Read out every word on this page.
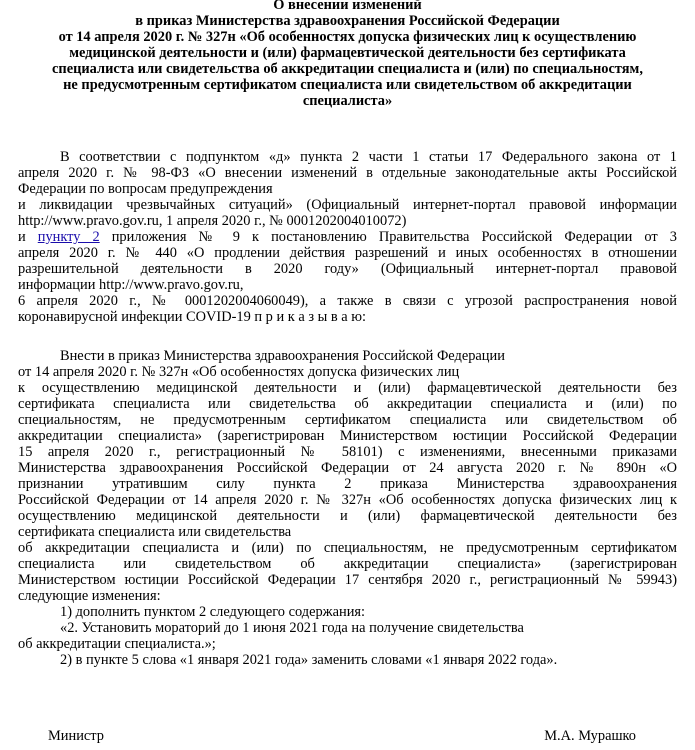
О внесении изменений
в приказ Министерства здравоохранения Российской Федерации
от 14 апреля 2020 г. № 327н «Об особенностях допуска физических лиц к осуществлению
медицинской деятельности и (или) фармацевтической деятельности без сертификата
специалиста или свидетельства об аккредитации специалиста и (или) по специальностям,
не предусмотренным сертификатом специалиста или свидетельством об аккредитации
специалиста»
В соответствии с подпунктом «д» пункта 2 части 1 статьи 17 Федерального закона от 1
апреля 2020 г. № 98-ФЗ «О внесении изменений в отдельные законодательные акты Российской
Федерации по вопросам предупреждения
и ликвидации чрезвычайных ситуаций» (Официальный интернет-портал правовой информации
http://www.pravo.gov.ru, 1 апреля 2020 г., № 0001202004010072)
и пункту 2 приложения № 9 к постановлению Правительства Российской Федерации от 3
апреля 2020 г. № 440 «О продлении действия разрешений и иных особенностях в отношении
разрешительной деятельности в 2020 году» (Официальный интернет-портал правовой
информации http://www.pravo.gov.ru,
6 апреля 2020 г., № 0001202004060049), а также в связи с угрозой распространения новой
коронавирусной инфекции COVID-19 п р и к а з ы в а ю:
Внести в приказ Министерства здравоохранения Российской Федерации
от 14 апреля 2020 г. № 327н «Об особенностях допуска физических лиц
к осуществлению медицинской деятельности и (или) фармацевтической деятельности без
сертификата специалиста или свидетельства об аккредитации специалиста и (или) по
специальностям, не предусмотренным сертификатом специалиста или свидетельством об
аккредитации специалиста» (зарегистрирован Министерством юстиции Российской Федерации
15 апреля 2020 г., регистрационный № 58101) с изменениями, внесенными приказами
Министерства здравоохранения Российской Федерации от 24 августа 2020 г. № 890н «О
признании утратившим силу пункта 2 приказа Министерства здравоохранения
Российской Федерации от 14 апреля 2020 г. № 327н «Об особенностях допуска физических лиц к
осуществлению медицинской деятельности и (или) фармацевтической деятельности без
сертификата специалиста или свидетельства
об аккредитации специалиста и (или) по специальностям, не предусмотренным сертификатом
специалиста или свидетельством об аккредитации специалиста» (зарегистрирован
Министерством юстиции Российской Федерации 17 сентября 2020 г., регистрационный № 59943)
следующие изменения:
1) дополнить пунктом 2 следующего содержания:
«2. Установить мораторий до 1 июня 2021 года на получение свидетельства
об аккредитации специалиста.»;
2) в пункте 5 слова «1 января 2021 года» заменить словами «1 января 2022 года».
Министр	М.А. Мурашко
